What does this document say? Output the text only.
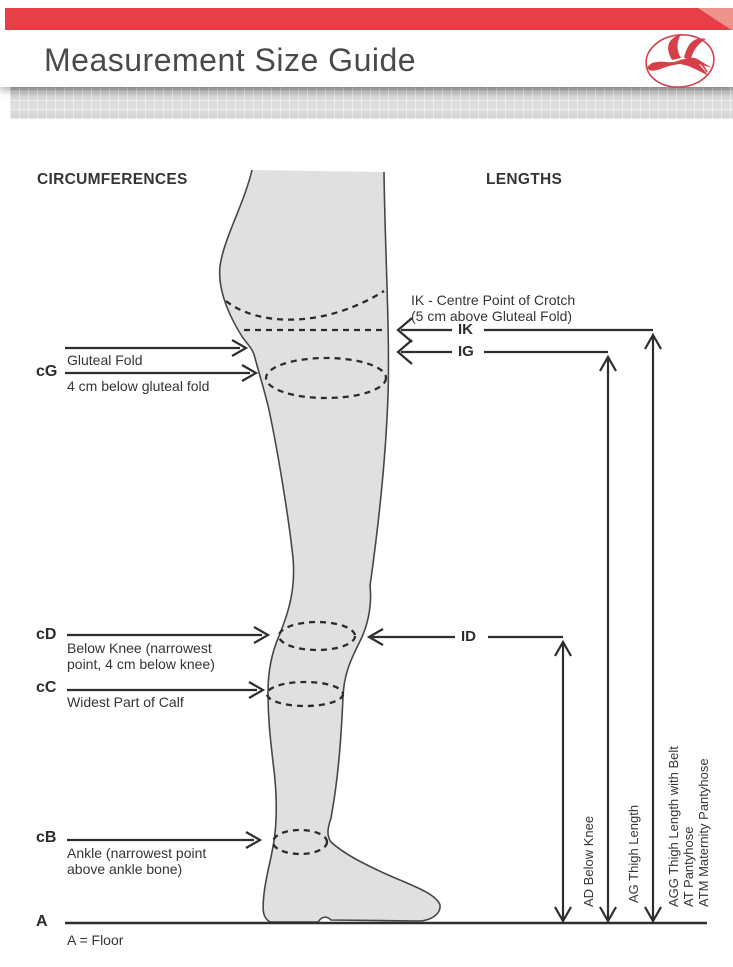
Measurement Size Guide
CIRCUMFERENCES	LENGTHS
cG
Gluteal Fold
4 cm below gluteal fold
cD
Below Knee (narrowest
point, 4 cm below knee)
cC
Widest Part of Calf
cB
Ankle (narrowest point
above ankle bone)
A
A = Floor
IK - Centre Point of Crotch
(5 cm above Gluteal Fold)
IK
IG
ID
AD Below Knee AG Thigh Length AGG Thigh Length with Belt AT Pantyhose ATM Maternity Pantyhose
